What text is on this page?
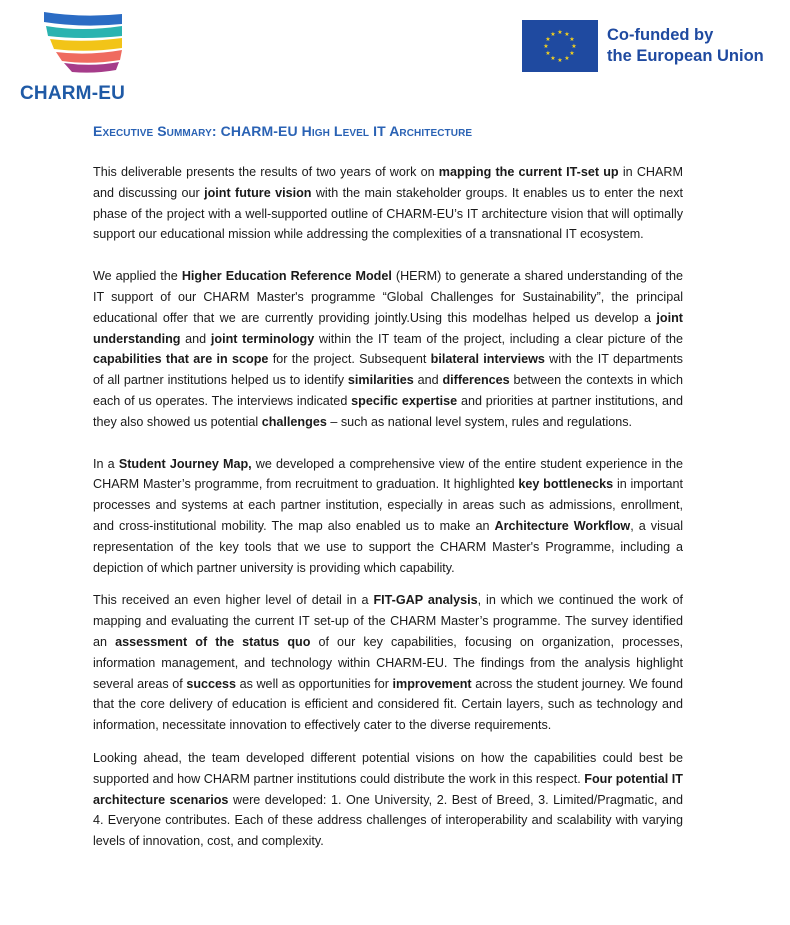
CHARM-EU
★ ★
★
★
★
★
★
★
★
★
★
★	Co-funded by
the European Union
Executive Summary: CHARM-EU High Level IT Architecture

This deliverable presents the results of two years of work on mapping the current IT-set up in CHARM and discussing our joint future vision with the main stakeholder groups. It enables us to enter the next phase of the project with a well-supported outline of CHARM-EU’s IT architecture vision that will optimally support our educational mission while addressing the complexities of a transnational IT ecosystem.

We applied the Higher Education Reference Model (HERM) to generate a shared understanding of the IT support of our CHARM Master's programme “Global Challenges for Sustainability”, the principal educational offer that we are currently providing jointly.Using this modelhas helped us develop a joint understanding and joint terminology within the IT team of the project, including a clear picture of the capabilities that are in scope for the project. Subsequent bilateral interviews with the IT departments of all partner institutions helped us to identify similarities and differences between the contexts in which each of us operates. The interviews indicated specific expertise and priorities at partner institutions, and they also showed us potential challenges – such as national level system, rules and regulations.

In a Student Journey Map, we developed a comprehensive view of the entire student experience in the CHARM Master’s programme, from recruitment to graduation. It highlighted key bottlenecks in important processes and systems at each partner institution, especially in areas such as admissions, enrollment, and cross-institutional mobility. The map also enabled us to make an Architecture Workflow, a visual representation of the key tools that we use to support the CHARM Master's Programme, including a depiction of which partner university is providing which capability.

This received an even higher level of detail in a FIT-GAP analysis, in which we continued the work of mapping and evaluating the current IT set-up of the CHARM Master’s programme. The survey identified an assessment of the status quo of our key capabilities, focusing on organization, processes, information management, and technology within CHARM-EU. The findings from the analysis highlight several areas of success as well as opportunities for improvement across the student journey. We found that the core delivery of education is efficient and considered fit. Certain layers, such as technology and information, necessitate innovation to effectively cater to the diverse requirements.

Looking ahead, the team developed different potential visions on how the capabilities could best be supported and how CHARM partner institutions could distribute the work in this respect. Four potential IT architecture scenarios were developed: 1. One University, 2. Best of Breed, 3. Limited/Pragmatic, and 4. Everyone contributes. Each of these address challenges of interoperability and scalability with varying levels of innovation, cost, and complexity.
